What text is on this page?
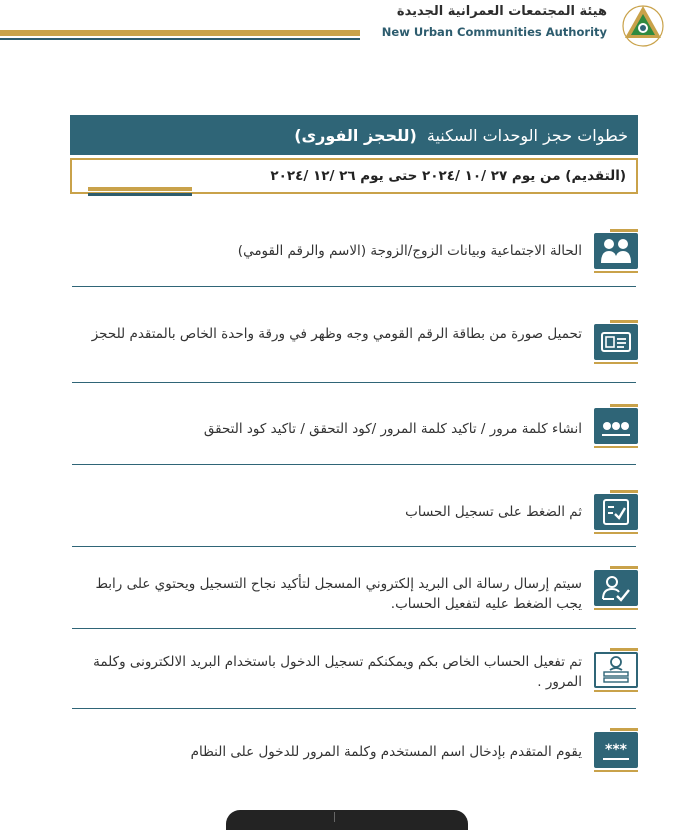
هيئة المجتمعات العمرانية الجديدة
New Urban Communities Authority
خطوات حجز الوحدات السكنية
(للحجز الفورى)
(التقديم) من يوم ٢٧ /١٠ /٢٠٢٤ حتى يوم ٢٦ /١٢ /٢٠٢٤
الحالة الاجتماعية وبيانات الزوج/الزوجة (الاسم والرقم القومي)
تحميل صورة من بطاقة الرقم القومي وجه وظهر في ورقة واحدة الخاص بالمتقدم للحجز
انشاء كلمة مرور / تاكيد كلمة المرور /كود التحقق / تاكيد كود التحقق
ثم الضغط على تسجيل الحساب
سيتم إرسال رسالة الى البريد إلكتروني المسجل لتأكيد نجاح التسجيل ويحتوي على رابط يجب الضغط عليه لتفعيل الحساب.
تم تفعيل الحساب الخاص بكم ويمكنكم تسجيل الدخول باستخدام البريد الالكترونى وكلمة المرور .
***
يقوم المتقدم بإدخال اسم المستخدم وكلمة المرور للدخول على النظام
